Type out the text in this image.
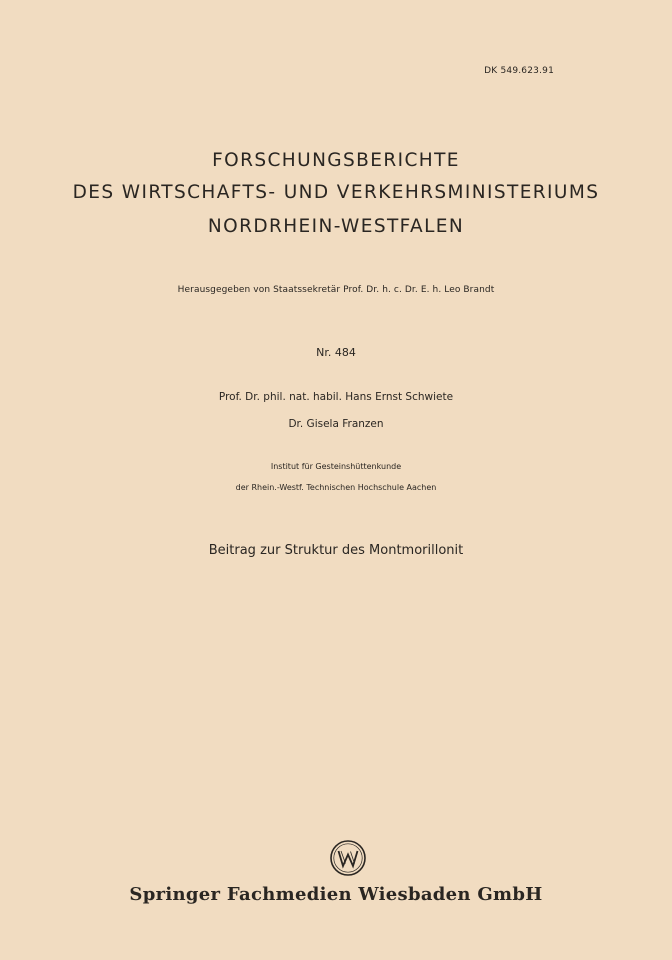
DK 549.623.91
FORSCHUNGSBERICHTE
DES WIRTSCHAFTS- UND VERKEHRSMINISTERIUMS
NORDRHEIN-WESTFALEN
Herausgegeben von Staatssekretär Prof. Dr. h. c. Dr. E. h. Leo Brandt
Nr. 484
Prof. Dr. phil. nat. habil. Hans Ernst Schwiete
Dr. Gisela Franzen
Institut für Gesteinshüttenkunde
der Rhein.-Westf. Technischen Hochschule Aachen
Beitrag zur Struktur des Montmorillonit
Springer Fachmedien Wiesbaden GmbH
